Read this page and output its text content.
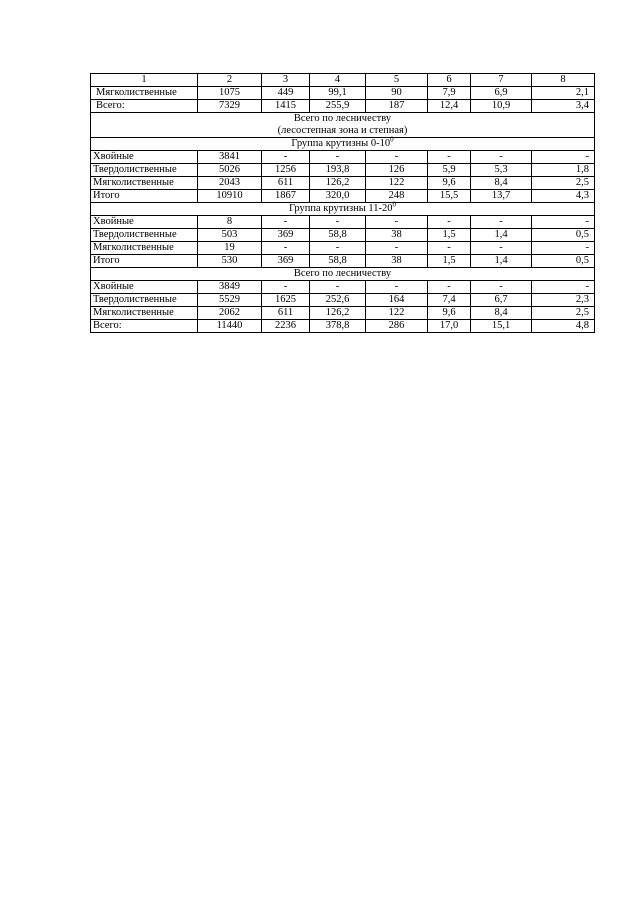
1	2	3	4	5	6	7	8
Мягколиственные	1075	449	99,1	90	7,9	6,9	2,1
Всего:	7329	1415	255,9	187	12,4	10,9	3,4

Всего по лесничеству
(лесостепная зона и степная)							

Группа крутизны $0-10^0$
Хвойные	3841	-	-	-	-	-	-
Твердолиственные	5026	1256	193,8	126	5,9	5,3	1,8
Мягколиственные	2043	611	126,2	122	9,6	8,4	2,5
Итого	10910	1867	320,0	248	15,5	13,7	4,3
Группа крутизны $11-20^0$
Хвойные	8	-	-	-	-	-	-
Твердолиственные	503	369	58,8	38	1,5	1,4	0,5
Мягколиственные	19	-	-	-	-	-	-
Итого	530	369	58,8	38	1,5	1,4	0,5
Всего по лесничеству							
Хвойные	3849	-	-	-	-	-	-
Твердолиственные	5529	1625	252,6	164	7,4	6,7	2,3
Мягколиственные	2062	611	126,2	122	9,6	8,4	2,5
Всего:	11440	2236	378,8	286	17,0	15,1	4,8
